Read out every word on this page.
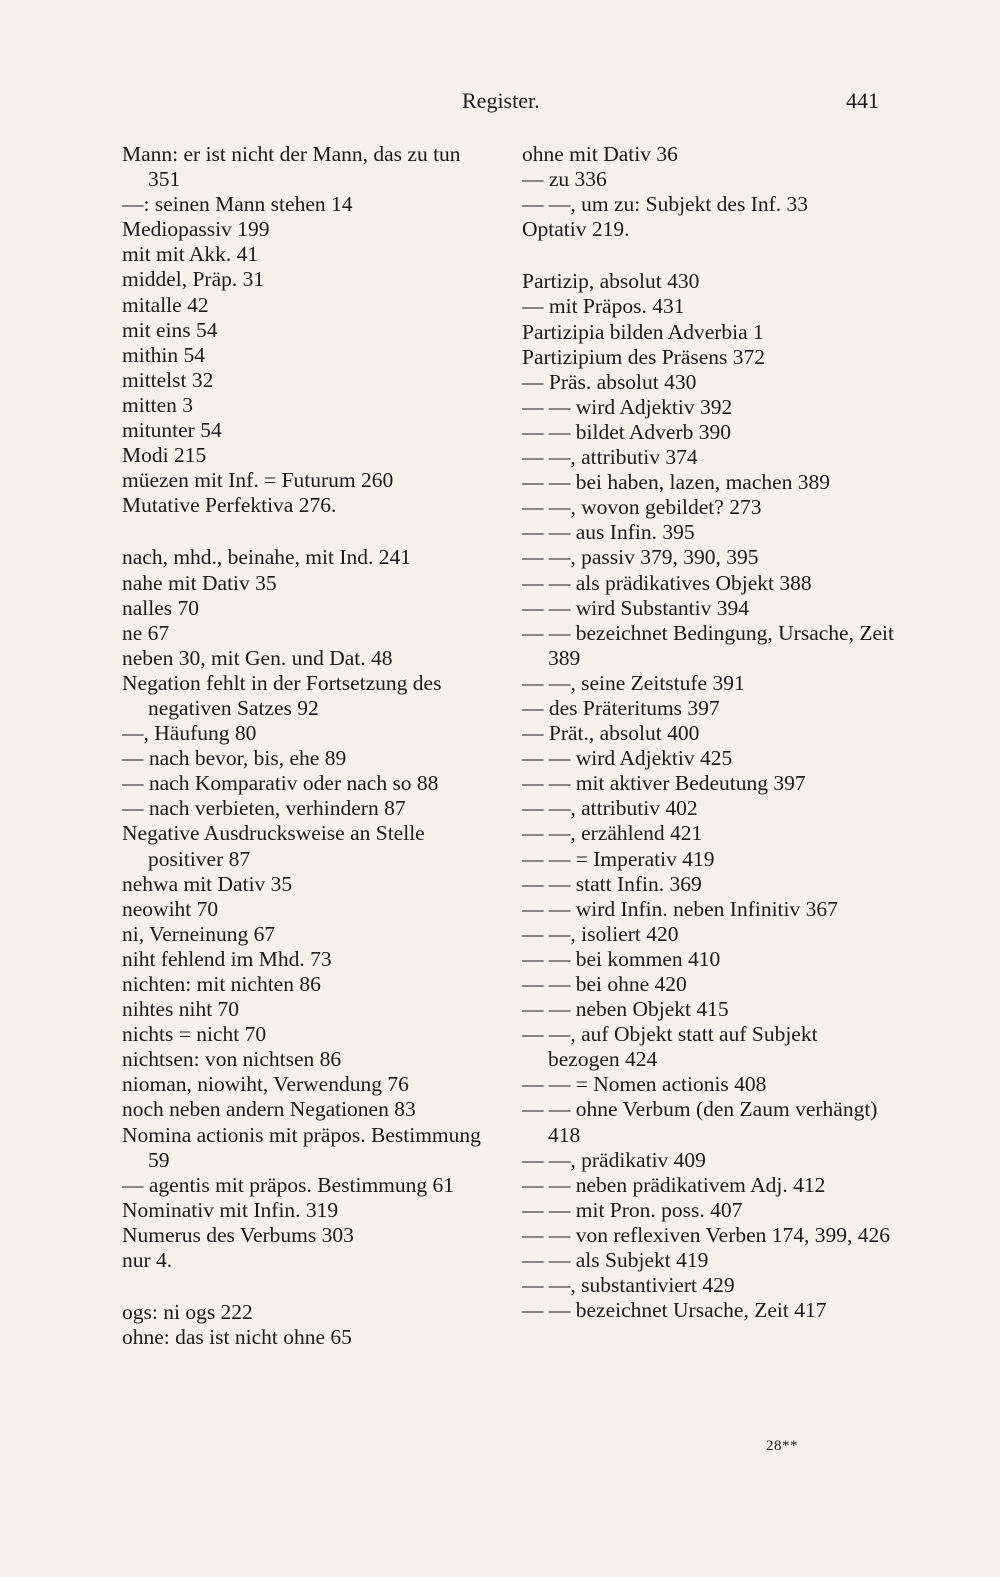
Register.	441

Mann: er ist nicht der Mann, das zu tun 351

—: seinen Mann stehen 14

Mediopassiv 199

mit mit Akk. 41

middel, Präp. 31

mitalle 42

mit eins 54

mithin 54

mittelst 32

mitten 3

mitunter 54

Modi 215

müezen mit Inf. = Futurum 260

Mutative Perfektiva 276.

nach, mhd., beinahe, mit Ind. 241

nahe mit Dativ 35

nalles 70

ne 67

neben 30, mit Gen. und Dat. 48

Negation fehlt in der Fortsetzung des negativen Satzes 92

—, Häufung 80

— nach bevor, bis, ehe 89

— nach Komparativ oder nach so 88

— nach verbieten, verhindern 87

Negative Ausdrucksweise an Stelle positiver 87

nehwa mit Dativ 35

neowiht 70

ni, Verneinung 67

niht fehlend im Mhd. 73

nichten: mit nichten 86

nihtes niht 70

nichts = nicht 70

nichtsen: von nichtsen 86

nioman, niowiht, Verwendung 76

noch neben andern Negationen 83

Nomina actionis mit präpos. Bestimmung 59

— agentis mit präpos. Bestimmung 61

Nominativ mit Infin. 319

Numerus des Verbums 303

nur 4.

ogs: ni ogs 222

ohne: das ist nicht ohne 65

ohne mit Dativ 36

— zu 336

— —, um zu: Subjekt des Inf. 33

Optativ 219.

Partizip, absolut 430

— mit Präpos. 431

Partizipia bilden Adverbia 1

Partizipium des Präsens 372

— Präs. absolut 430

— — wird Adjektiv 392

— — bildet Adverb 390

— —, attributiv 374

— — bei haben, lazen, machen 389

— —, wovon gebildet? 273

— — aus Infin. 395

— —, passiv 379, 390, 395

— — als prädikatives Objekt 388

— — wird Substantiv 394

— — bezeichnet Bedingung, Ursache, Zeit 389

— —, seine Zeitstufe 391

— des Präteritums 397

— Prät., absolut 400

— — wird Adjektiv 425

— — mit aktiver Bedeutung 397

— —, attributiv 402

— —, erzählend 421

— — = Imperativ 419

— — statt Infin. 369

— — wird Infin. neben Infinitiv 367

— —, isoliert 420

— — bei kommen 410

— — bei ohne 420

— — neben Objekt 415

— —, auf Objekt statt auf Subjekt bezogen 424

— — = Nomen actionis 408

— — ohne Verbum (den Zaum verhängt) 418

— —, prädikativ 409

— — neben prädikativem Adj. 412

— — mit Pron. poss. 407

— — von reflexiven Verben 174, 399, 426

— — als Subjekt 419

— —, substantiviert 429

— — bezeichnet Ursache, Zeit 417

28**
